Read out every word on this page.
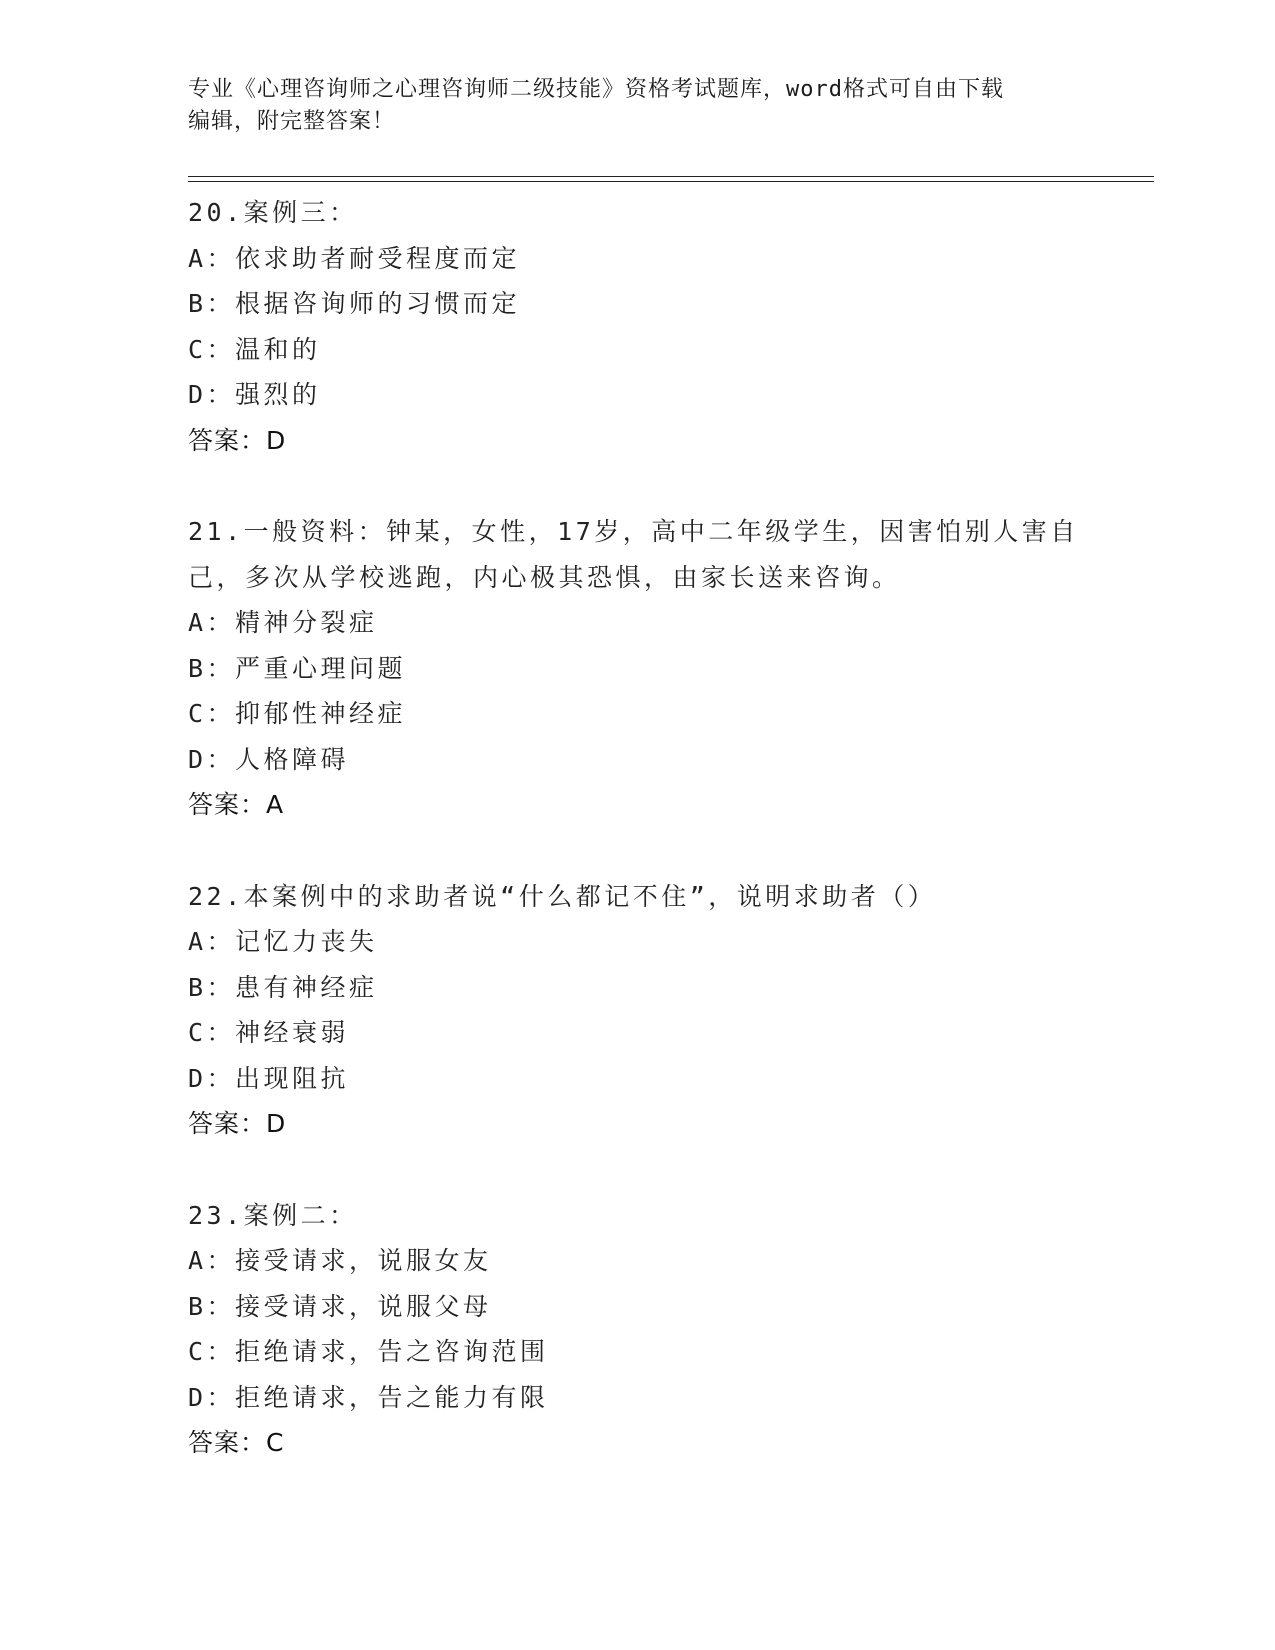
专业《心理咨询师之心理咨询师二级技能》资格考试题库，word格式可自由下载
编辑，附完整答案！
20.案例三：
A：依求助者耐受程度而定
B：根据咨询师的习惯而定
C：温和的
D：强烈的
答案：D
21.一般资料：钟某，女性，17岁，高中二年级学生，因害怕别人害自
己，多次从学校逃跑，内心极其恐惧，由家长送来咨询。
A：精神分裂症
B：严重心理问题
C：抑郁性神经症
D：人格障碍
答案：A
22.本案例中的求助者说“什么都记不住”，说明求助者（）
A：记忆力丧失
B：患有神经症
C：神经衰弱
D：出现阻抗
答案：D
23.案例二：
A：接受请求，说服女友
B：接受请求，说服父母
C：拒绝请求，告之咨询范围
D：拒绝请求，告之能力有限
答案：C
